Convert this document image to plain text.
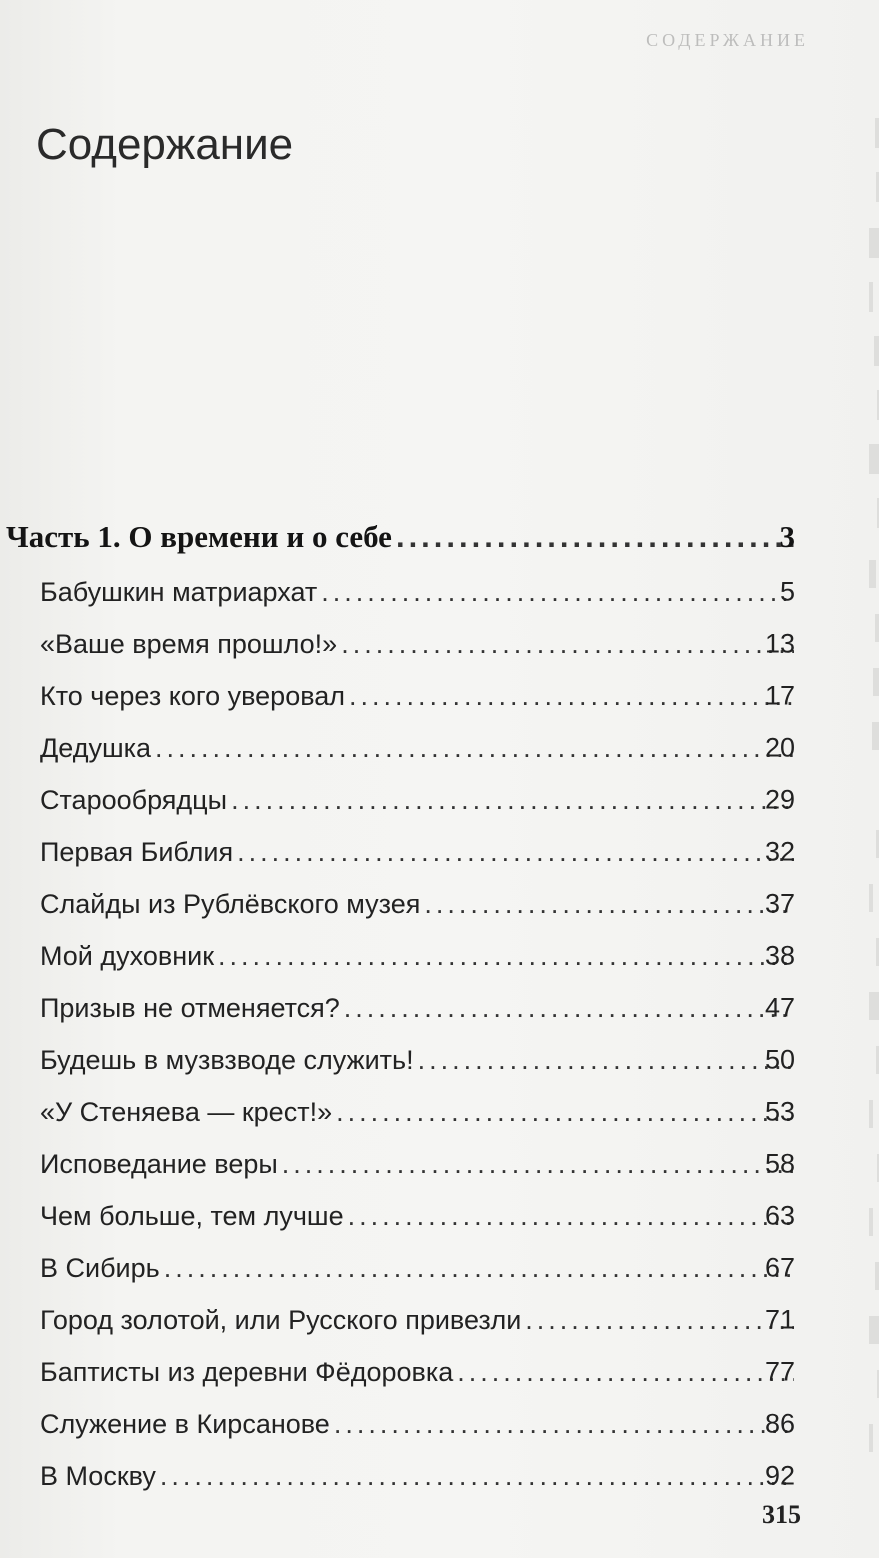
СОДЕРЖАНИЕ
Содержание
Часть 1. О времени и о себе .....	3
Бабушкин матриархат .....	5
«Ваше время прошло!» .....	13
Кто через кого уверовал .....	17
Дедушка .....	20
Старообрядцы .....	29
Первая Библия .....	32
Слайды из Рублёвского музея .....	37
Мой духовник .....	38
Призыв не отменяется? .....	47
Будешь в музвзводе служить! .....	50
«У Стеняева — крест!» .....	53
Исповедание веры .....	58
Чем больше, тем лучше .....	63
В Сибирь .....	67
Город золотой, или Русского привезли .....	71
Баптисты из деревни Фёдоровка .....	77
Служение в Кирсанове .....	86
В Москву .....	92
315
